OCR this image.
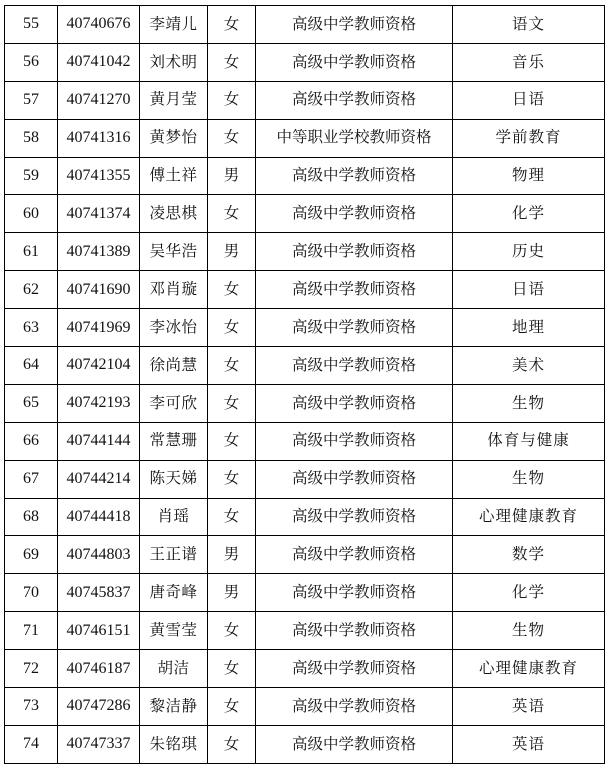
55	40740676	李靖儿	女	高级中学教师资格	语文
56	40741042	刘术明	女	高级中学教师资格	音乐
57	40741270	黄月莹	女	高级中学教师资格	日语
58	40741316	黄梦怡	女	中等职业学校教师资格	学前教育
59	40741355	傅土祥	男	高级中学教师资格	物理
60	40741374	凌思棋	女	高级中学教师资格	化学
61	40741389	吴华浩	男	高级中学教师资格	历史
62	40741690	邓肖璇	女	高级中学教师资格	日语
63	40741969	李冰怡	女	高级中学教师资格	地理
64	40742104	徐尚慧	女	高级中学教师资格	美术
65	40742193	李可欣	女	高级中学教师资格	生物
66	40744144	常慧珊	女	高级中学教师资格	体育与健康
67	40744214	陈天娣	女	高级中学教师资格	生物
68	40744418	肖瑶	女	高级中学教师资格	心理健康教育
69	40744803	王正谱	男	高级中学教师资格	数学
70	40745837	唐奇峰	男	高级中学教师资格	化学
71	40746151	黄雪莹	女	高级中学教师资格	生物
72	40746187	胡洁	女	高级中学教师资格	心理健康教育
73	40747286	黎洁静	女	高级中学教师资格	英语
74	40747337	朱铭琪	女	高级中学教师资格	英语
